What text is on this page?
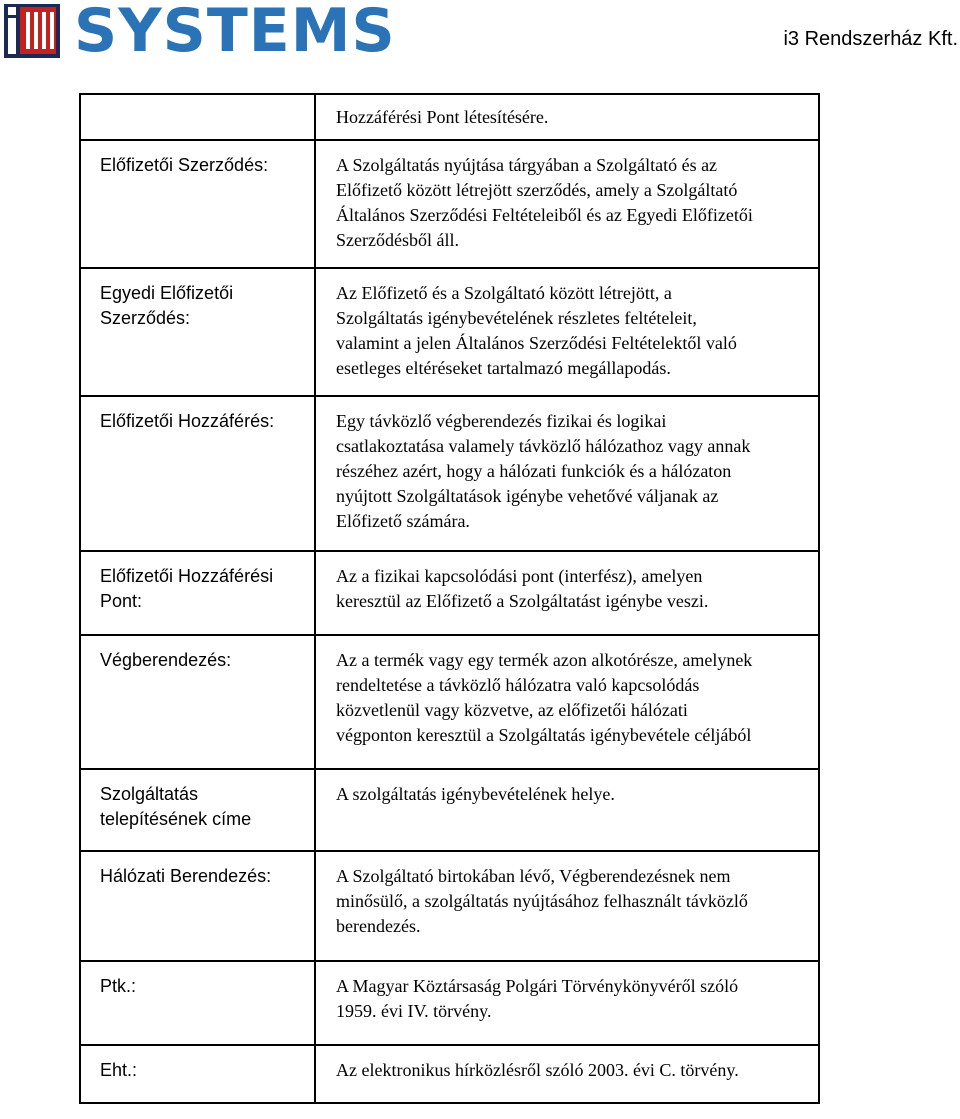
SYSTEMS	i3 Rendszerház Kft.

	Hozzáférési Pont létesítésére.

Előfizetői Szerződés:	A Szolgáltatás nyújtása tárgyában a Szolgáltató és az
Előfizető között létrejött szerződés, amely a Szolgáltató
Általános Szerződési Feltételeiből és az Egyedi Előfizetői
Szerződésből áll.

Egyedi Előfizetői Szerződés:	Az Előfizető és a Szolgáltató között létrejött, a
Szolgáltatás igénybevételének részletes feltételeit,
valamint a jelen Általános Szerződési Feltételektől való
esetleges eltéréseket tartalmazó megállapodás.

Előfizetői Hozzáférés:	Egy távközlő végberendezés fizikai és logikai
csatlakoztatása valamely távközlő hálózathoz vagy annak
részéhez azért, hogy a hálózati funkciók és a hálózaton
nyújtott Szolgáltatások igénybe vehetővé váljanak az
Előfizető számára.

Előfizetői Hozzáférési Pont:	Az a fizikai kapcsolódási pont (interfész), amelyen
keresztül az Előfizető a Szolgáltatást igénybe veszi.

Végberendezés:	Az a termék vagy egy termék azon alkotórésze, amelynek
rendeltetése a távközlő hálózatra való kapcsolódás
közvetlenül vagy közvetve, az előfizetői hálózati
végponton keresztül a Szolgáltatás igénybevétele céljából

Szolgáltatás telepítésének címe	A szolgáltatás igénybevételének helye.

Hálózati Berendezés:	A Szolgáltató birtokában lévő, Végberendezésnek nem
minősülő, a szolgáltatás nyújtásához felhasznált távközlő
berendezés.

Ptk.:	A Magyar Köztársaság Polgári Törvénykönyvéről szóló
1959. évi IV. törvény.

Eht.:	Az elektronikus hírközlésről szóló 2003. évi C. törvény.
